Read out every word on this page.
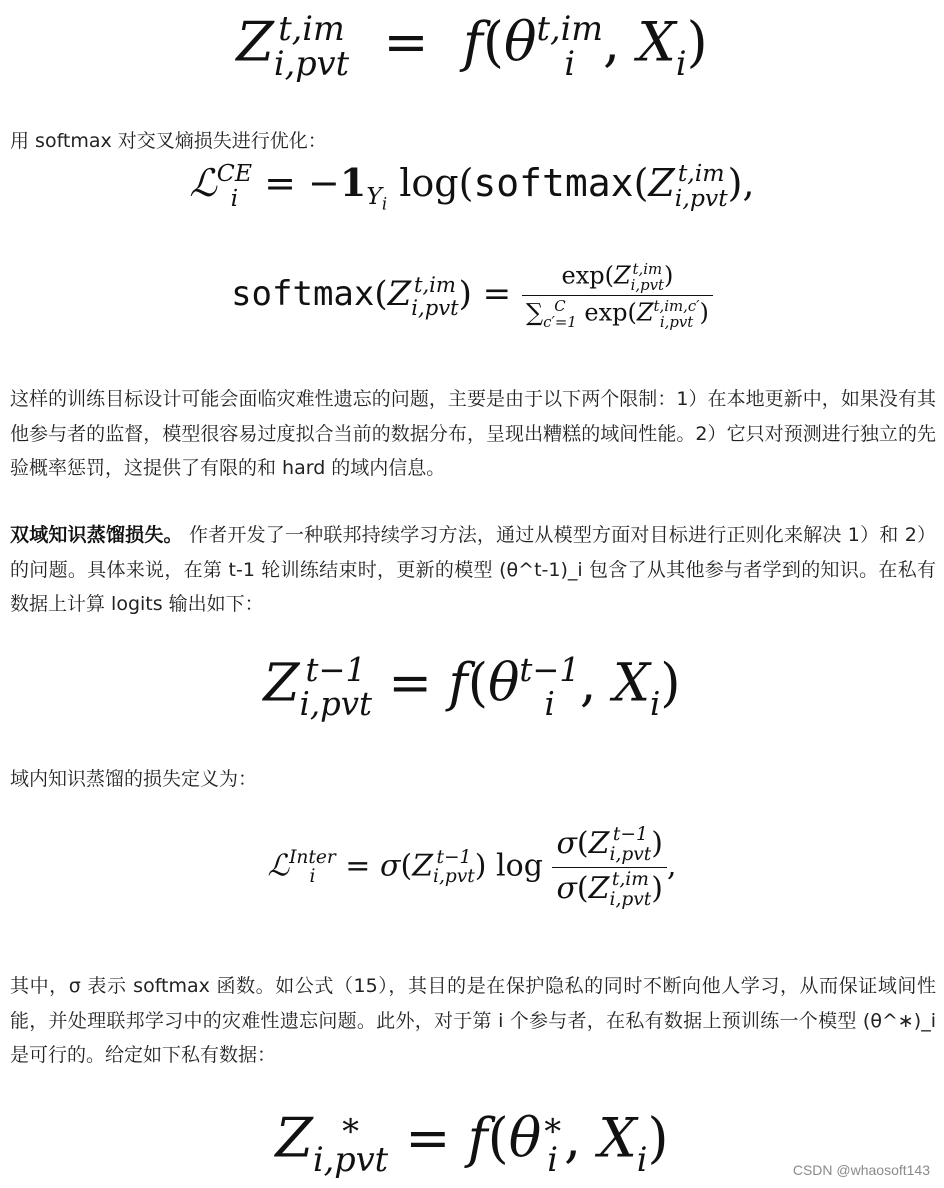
Z t,im
i,pvt =  f(θ t,im
i , X
i )

用 softmax 对交叉熵损失进行优化：

ℒ CE
i = −1
$Y_i$ log(softmax(Z t,im
i,pvt ),
softmax(Z t,im
i,pvt ) = exp(Z t,im
i,pvt )
∑ C
c′=1 exp(Z t,im,c′
i,pvt )

这样的训练目标设计可能会面临灾难性遗忘的问题，主要是由于以下两个限制：1）在本地更新中，如果没有其他参与者的监督，模型很容易过度拟合当前的数据分布，呈现出糟糕的域间性能。2）它只对预测进行独立的先验概率惩罚，这提供了有限的和 hard 的域内信息。

双域知识蒸馏损失。 作者开发了一种联邦持续学习方法，通过从模型方面对目标进行正则化来解决 1）和 2）的问题。具体来说，在第 t-1 轮训练结束时，更新的模型 (θ^t-1)_i 包含了从其他参与者学到的知识。在私有数据上计算 logits 输出如下：

Z t−1
i,pvt = f(θ t−1
i , X
i )

域内知识蒸馏的损失定义为：

ℒ Inter
i = σ(Z t−1
i,pvt ) log σ(Z t−1
i,pvt )
σ(Z t,im
i,pvt ) ,

其中，σ 表示 softmax 函数。如公式（15），其目的是在保护隐私的同时不断向他人学习，从而保证域间性能，并处理联邦学习中的灾难性遗忘问题。此外，对于第 i 个参与者，在私有数据上预训练一个模型 (θ^∗)_i 是可行的。给定如下私有数据：

Z ∗
i,pvt = f(θ ∗
i , X
i )
CSDN @whaosoft143
